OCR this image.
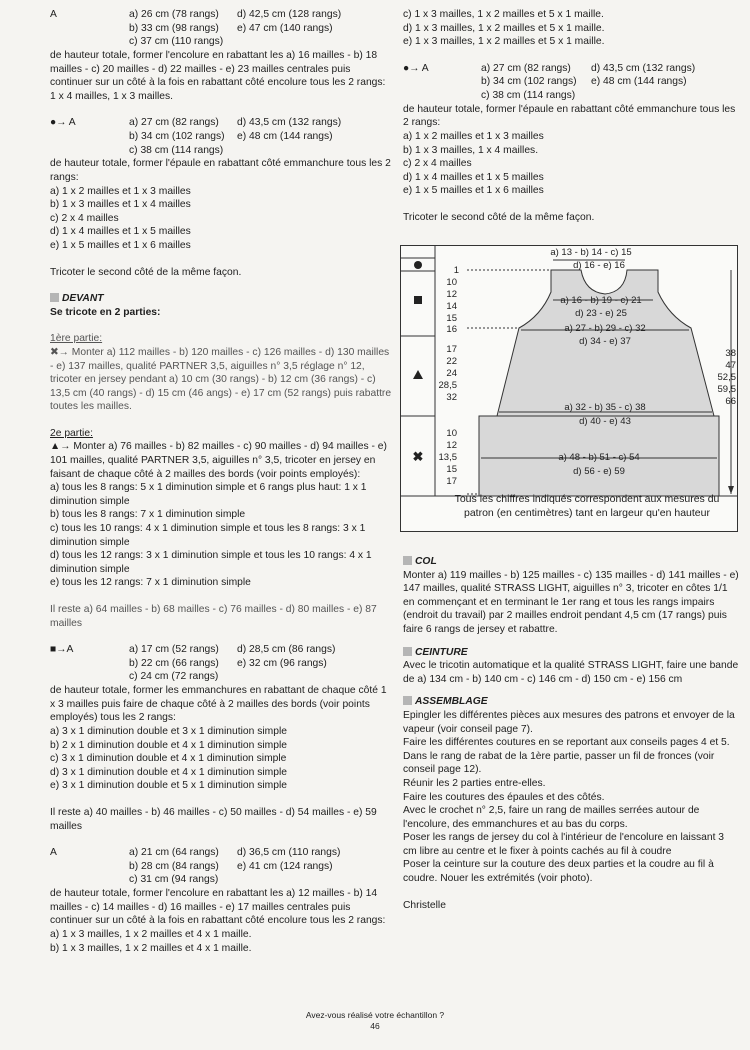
A	a) 26 cm (78 rangs) d) 42,5 cm (128 rangs)
b) 33 cm (98 rangs) e) 47 cm (140 rangs)
c) 37 cm (110 rangs)

de hauteur totale, former l'encolure en rabattant les a) 16 mailles - b) 18 mailles - c) 20 mailles - d) 22 mailles - e) 23 mailles centrales puis continuer sur un côté à la fois en rabattant côté encolure tous les 2 rangs: 1 x 4 mailles, 1 x 3 mailles.

●→ A	a) 27 cm (82 rangs) d) 43,5 cm (132 rangs)
b) 34 cm (102 rangs) e) 48 cm (144 rangs)
c) 38 cm (114 rangs)

de hauteur totale, former l'épaule en rabattant côté emmanchure tous les 2 rangs:

a) 1 x 2 mailles et 1 x 3 mailles

b) 1 x 3 mailles et 1 x 4 mailles

c) 2 x 4 mailles

d) 1 x 4 mailles et 1 x 5 mailles

e) 1 x 5 mailles et 1 x 6 mailles

Tricoter le second côté de la même façon.

DEVANT

Se tricote en 2 parties:

1ère partie:

✖→ Monter a) 112 mailles - b) 120 mailles - c) 126 mailles - d) 130 mailles - e) 137 mailles, qualité PARTNER 3,5, aiguilles n° 3,5 réglage n° 12, tricoter en jersey pendant a) 10 cm (30 rangs) - b) 12 cm (36 rangs) - c) 13,5 cm (40 rangs) - d) 15 cm (46 angs) - e) 17 cm (52 rangs) puis rabattre toutes les mailles.

2e partie:

▲→ Monter a) 76 mailles - b) 82 mailles - c) 90 mailles - d) 94 mailles - e) 101 mailles, qualité PARTNER 3,5, aiguilles n° 3,5, tricoter en jersey en faisant de chaque côté à 2 mailles des bords (voir points employés):

a) tous les 8 rangs: 5 x 1 diminution simple et 6 rangs plus haut: 1 x 1 diminution simple

b) tous les 8 rangs: 7 x 1 diminution simple

c) tous les 10 rangs: 4 x 1 diminution simple et tous les 8 rangs: 3 x 1 diminution simple

d) tous les 12 rangs: 3 x 1 diminution simple et tous les 10 rangs: 4 x 1 diminution simple

e) tous les 12 rangs: 7 x 1 diminution simple

Il reste a) 64 mailles - b) 68 mailles - c) 76 mailles - d) 80 mailles - e) 87 mailles

■→A	a) 17 cm (52 rangs) d) 28,5 cm (86 rangs)
b) 22 cm (66 rangs) e) 32 cm (96 rangs)
c) 24 cm (72 rangs)

de hauteur totale, former les emmanchures en rabattant de chaque côté 1 x 3 mailles puis faire de chaque côté à 2 mailles des bords (voir points employés) tous les 2 rangs:

a) 3 x 1 diminution double et 3 x 1 diminution simple

b) 2 x 1 diminution double et 4 x 1 diminution simple

c) 3 x 1 diminution double et 4 x 1 diminution simple

d) 3 x 1 diminution double et 4 x 1 diminution simple

e) 3 x 1 diminution double et 5 x 1 diminution simple

Il reste a) 40 mailles - b) 46 mailles - c) 50 mailles - d) 54 mailles - e) 59 mailles

A	a) 21 cm (64 rangs) d) 36,5 cm (110 rangs)
b) 28 cm (84 rangs) e) 41 cm (124 rangs)
c) 31 cm (94 rangs)

de hauteur totale, former l'encolure en rabattant les a) 12 mailles - b) 14 mailles - c) 14 mailles - d) 16 mailles - e) 17 mailles centrales puis continuer sur un côté à la fois en rabattant côté encolure tous les 2 rangs:

a) 1 x 3 mailles, 1 x 2 mailles et 4 x 1 maille.

b) 1 x 3 mailles, 1 x 2 mailles et 4 x 1 maille.

c) 1 x 3 mailles, 1 x 2 mailles et 5 x 1 maille.

d) 1 x 3 mailles, 1 x 2 mailles et 5 x 1 maille.

e) 1 x 3 mailles, 1 x 2 mailles et 5 x 1 maille.

●→ A	a) 27 cm (82 rangs) d) 43,5 cm (132 rangs)
b) 34 cm (102 rangs) e) 48 cm (144 rangs)
c) 38 cm (114 rangs)

de hauteur totale, former l'épaule en rabattant côté emmanchure tous les 2 rangs:

a) 1 x 2 mailles et 1 x 3 mailles

b) 1 x 3 mailles, 1 x 4 mailles.

c) 2 x 4 mailles

d) 1 x 4 mailles et 1 x 5 mailles

e) 1 x 5 mailles et 1 x 6 mailles

Tricoter le second côté de la même façon.

✖
a) 13 - b) 14 - c) 15
d) 16 - e) 16
a) 16 - b) 19 - c) 21
d) 23 - e) 25
a) 27 - b) 29 - c) 32
d) 34 - e) 37
a) 32 - b) 35 - c) 38
d) 40 - e) 43
a) 48 - b) 51 - c) 54
d) 56 - e) 59
1
10
12
14
15
16
17
22
24
28,5
32
10
12
13,5
15
17
38
47
52,5
59,5
66
Tous les chiffres indiqués correspondent aux mesures du patron (en centimètres) tant en largeur qu'en hauteur

COL

Monter a) 119 mailles - b) 125 mailles - c) 135 mailles - d) 141 mailles - e) 147 mailles, qualité STRASS LIGHT, aiguilles n° 3, tricoter en côtes 1/1 en commençant et en terminant le 1er rang et tous les rangs impairs (endroit du travail) par 2 mailles endroit pendant 4,5 cm (17 rangs) puis faire 6 rangs de jersey et rabattre.

CEINTURE

Avec le tricotin automatique et la qualité STRASS LIGHT, faire une bande de a) 134 cm - b) 140 cm - c) 146 cm - d) 150 cm - e) 156 cm

ASSEMBLAGE

Epingler les différentes pièces aux mesures des patrons et envoyer de la vapeur (voir conseil page 7).

Faire les différentes coutures en se reportant aux conseils pages 4 et 5.

Dans le rang de rabat de la 1ère partie, passer un fil de fronces (voir conseil page 12).

Réunir les 2 parties entre-elles.

Faire les coutures des épaules et des côtés.

Avec le crochet n° 2,5, faire un rang de mailles serrées autour de l'encolure, des emmanchures et au bas du corps.

Poser les rangs de jersey du col à l'intérieur de l'encolure en laissant 3 cm libre au centre et le fixer à points cachés au fil à coudre

Poser la ceinture sur la couture des deux parties et la coudre au fil à coudre. Nouer les extrémités (voir photo).

Christelle

Avez-vous réalisé votre échantillon ?
46
